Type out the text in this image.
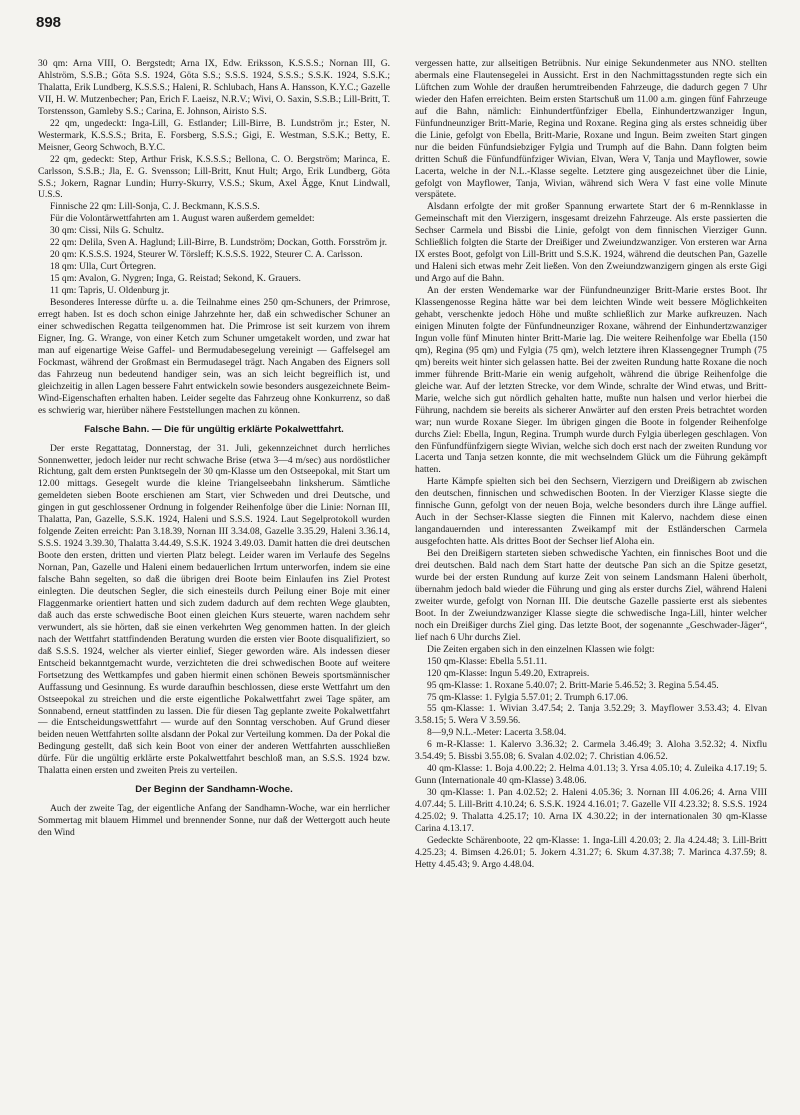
898

30 qm: Arna VIII, O. Bergstedt; Arna IX, Edw. Eriksson, K.S.S.S.; Nornan III, G. Ahlström, S.S.B.; Göta S.S. 1924, Göta S.S.; S.S.S. 1924, S.S.S.; S.S.K. 1924, S.S.K.; Thalatta, Erik Lundberg, K.S.S.S.; Haleni, R. Schlubach, Hans A. Hansson, K.Y.C.; Gazelle VII, H. W. Mutzenbecher; Pan, Erich F. Laeisz, N.R.V.; Wivi, O. Saxin, S.S.B.; Lill-Britt, T. Torstensson, Gamleby S.S.; Carina, E. Johnson, Airisto S.S.

22 qm, ungedeckt: Inga-Lill, G. Estlander; Lill-Birre, B. Lundström jr.; Ester, N. Westermark, K.S.S.S.; Brita, E. Forsberg, S.S.S.; Gigi, E. Westman, S.S.K.; Betty, E. Meisner, Georg Schwoch, B.Y.C.

22 qm, gedeckt: Step, Arthur Frisk, K.S.S.S.; Bellona, C. O. Bergström; Marinca, E. Carlsson, S.S.B.; Jla, E. G. Svensson; Lill-Britt, Knut Hult; Argo, Erik Lundberg, Göta S.S.; Jokern, Ragnar Lundin; Hurry-Skurry, V.S.S.; Skum, Axel Ägge, Knut Lindwall, U.S.S.

Finnische 22 qm: Lill-Sonja, C. J. Beckmann, K.S.S.S.

Für die Volontärwettfahrten am 1. August waren außerdem gemeldet:

30 qm: Cissi, Nils G. Schultz.

22 qm: Delila, Sven A. Haglund; Lill-Birre, B. Lundström; Dockan, Gotth. Forsström jr.

20 qm: K.S.S.S. 1924, Steurer W. Törsleff; K.S.S.S. 1922, Steurer C. A. Carlsson.

18 qm: Ulla, Curt Örtegren.

15 qm: Avalon, G. Nygren; Inga, G. Reistad; Sekond, K. Grauers.

11 qm: Tapris, U. Oldenburg jr.

Besonderes Interesse dürfte u. a. die Teilnahme eines 250 qm-Schuners, der Primrose, erregt haben. Ist es doch schon einige Jahrzehnte her, daß ein schwedischer Schuner an einer schwedischen Regatta teilgenommen hat. Die Primrose ist seit kurzem von ihrem Eigner, Ing. G. Wrange, von einer Ketch zum Schuner umgetakelt worden, und zwar hat man auf eigenartige Weise Gaffel- und Bermudabesegelung vereinigt — Gaffelsegel am Fockmast, während der Großmast ein Bermudasegel trägt. Nach Angaben des Eigners soll das Fahrzeug nun bedeutend handiger sein, was an sich leicht begreiflich ist, und gleichzeitig in allen Lagen bessere Fahrt entwickeln sowie besonders ausgezeichnete Beim-Wind-Eigenschaften erhalten haben. Leider segelte das Fahrzeug ohne Konkurrenz, so daß es schwierig war, hierüber nähere Feststellungen machen zu können.

Falsche Bahn. — Die für ungültig erklärte Pokalwettfahrt.

Der erste Regattatag, Donnerstag, der 31. Juli, gekennzeichnet durch herrliches Sonnenwetter, jedoch leider nur recht schwache Brise (etwa 3—4 m/sec) aus nordöstlicher Richtung, galt dem ersten Punktsegeln der 30 qm-Klasse um den Ostseepokal, mit Start um 12.00 mittags. Gesegelt wurde die kleine Triangelseebahn linksherum. Sämtliche gemeldeten sieben Boote erschienen am Start, vier Schweden und drei Deutsche, und gingen in gut geschlossener Ordnung in folgender Reihenfolge über die Linie: Nornan III, Thalatta, Pan, Gazelle, S.S.K. 1924, Haleni und S.S.S. 1924. Laut Segelprotokoll wurden folgende Zeiten erreicht: Pan 3.18.39, Nornan III 3.34.08, Gazelle 3.35.29, Haleni 3.36.14, S.S.S. 1924 3.39.30, Thalatta 3.44.49, S.S.K. 1924 3.49.03. Damit hatten die drei deutschen Boote den ersten, dritten und vierten Platz belegt. Leider waren im Verlaufe des Segelns Nornan, Pan, Gazelle und Haleni einem bedauerlichen Irrtum unterworfen, indem sie eine falsche Bahn segelten, so daß die übrigen drei Boote beim Einlaufen ins Ziel Protest einlegten. Die deutschen Segler, die sich einesteils durch Peilung einer Boje mit einer Flaggenmarke orientiert hatten und sich zudem dadurch auf dem rechten Wege glaubten, daß auch das erste schwedische Boot einen gleichen Kurs steuerte, waren nachdem sehr verwundert, als sie hörten, daß sie einen verkehrten Weg genommen hatten. In der gleich nach der Wettfahrt stattfindenden Beratung wurden die ersten vier Boote disqualifiziert, so daß S.S.S. 1924, welcher als vierter einlief, Sieger geworden wäre. Als indessen dieser Entscheid bekanntgemacht wurde, verzichteten die drei schwedischen Boote auf weitere Fortsetzung des Wettkampfes und gaben hiermit einen schönen Beweis sportsmännischer Auffassung und Gesinnung. Es wurde daraufhin beschlossen, diese erste Wettfahrt um den Ostseepokal zu streichen und die erste eigentliche Pokalwettfahrt zwei Tage später, am Sonnabend, erneut stattfinden zu lassen. Die für diesen Tag geplante zweite Pokalwettfahrt — die Entscheidungswettfahrt — wurde auf den Sonntag verschoben. Auf Grund dieser beiden neuen Wettfahrten sollte alsdann der Pokal zur Verteilung kommen. Da der Pokal die Bedingung gestellt, daß sich kein Boot von einer der anderen Wettfahrten ausschließen dürfe. Für die ungültig erklärte erste Pokalwettfahrt beschloß man, an S.S.S. 1924 bzw. Thalatta einen ersten und zweiten Preis zu verteilen.

Der Beginn der Sandhamn-Woche.

Auch der zweite Tag, der eigentliche Anfang der Sandhamn-Woche, war ein herrlicher Sommertag mit blauem Himmel und brennender Sonne, nur daß der Wettergott auch heute den Wind

vergessen hatte, zur allseitigen Betrübnis. Nur einige Sekundenmeter aus NNO. stellten abermals eine Flautensegelei in Aussicht. Erst in den Nachmittagsstunden regte sich ein Lüftchen zum Wohle der draußen herumtreibenden Fahrzeuge, die dadurch gegen 7 Uhr wieder den Hafen erreichten. Beim ersten Startschuß um 11.00 a.m. gingen fünf Fahrzeuge auf die Bahn, nämlich: Einhundertfünfziger Ebella, Einhundertzwanziger Ingun, Fünfundneunziger Britt-Marie, Regina und Roxane. Regina ging als erstes schneidig über die Linie, gefolgt von Ebella, Britt-Marie, Roxane und Ingun. Beim zweiten Start gingen nur die beiden Fünfundsiebziger Fylgia und Trumph auf die Bahn. Dann folgten beim dritten Schuß die Fünfundfünfziger Wivian, Elvan, Wera V, Tanja und Mayflower, sowie Lacerta, welche in der N.L.-Klasse segelte. Letztere ging ausgezeichnet über die Linie, gefolgt von Mayflower, Tanja, Wivian, während sich Wera V fast eine volle Minute verspätete.

Alsdann erfolgte der mit großer Spannung erwartete Start der 6 m-Rennklasse in Gemeinschaft mit den Vierzigern, insgesamt dreizehn Fahrzeuge. Als erste passierten die Sechser Carmela und Bissbi die Linie, gefolgt von dem finnischen Vierziger Gunn. Schließlich folgten die Starte der Dreißiger und Zweiundzwanziger. Von ersteren war Arna IX erstes Boot, gefolgt von Lill-Britt und S.S.K. 1924, während die deutschen Pan, Gazelle und Haleni sich etwas mehr Zeit ließen. Von den Zweiundzwanzigern gingen als erste Gigi und Argo auf die Bahn.

An der ersten Wendemarke war der Fünfundneunziger Britt-Marie erstes Boot. Ihr Klassengenosse Regina hätte war bei dem leichten Winde weit bessere Möglichkeiten gehabt, verschenkte jedoch Höhe und mußte schließlich zur Marke aufkreuzen. Nach einigen Minuten folgte der Fünfundneunziger Roxane, während der Einhundertzwanziger Ingun volle fünf Minuten hinter Britt-Marie lag. Die weitere Reihenfolge war Ebella (150 qm), Regina (95 qm) und Fylgia (75 qm), welch letztere ihren Klassengegner Trumph (75 qm) bereits weit hinter sich gelassen hatte. Bei der zweiten Rundung hatte Roxane die noch immer führende Britt-Marie ein wenig aufgeholt, während die übrige Reihenfolge die gleiche war. Auf der letzten Strecke, vor dem Winde, schralte der Wind etwas, und Britt-Marie, welche sich gut nördlich gehalten hatte, mußte nun halsen und verlor hierbei die Führung, nachdem sie bereits als sicherer Anwärter auf den ersten Preis betrachtet worden war; nun wurde Roxane Sieger. Im übrigen gingen die Boote in folgender Reihenfolge durchs Ziel: Ebella, Ingun, Regina. Trumph wurde durch Fylgia überlegen geschlagen. Von den Fünfundfünfzigern siegte Wivian, welche sich doch erst nach der zweiten Rundung vor Lacerta und Tanja setzen konnte, die mit wechselndem Glück um die Führung gekämpft hatten.

Harte Kämpfe spielten sich bei den Sechsern, Vierzigern und Dreißigern ab zwischen den deutschen, finnischen und schwedischen Booten. In der Vierziger Klasse siegte die finnische Gunn, gefolgt von der neuen Boja, welche besonders durch ihre Länge auffiel. Auch in der Sechser-Klasse siegten die Finnen mit Kalervo, nachdem diese einen langandauernden und interessanten Zweikampf mit der Estländerschen Carmela ausgefochten hatte. Als drittes Boot der Sechser lief Aloha ein.

Bei den Dreißigern starteten sieben schwedische Yachten, ein finnisches Boot und die drei deutschen. Bald nach dem Start hatte der deutsche Pan sich an die Spitze gesetzt, wurde bei der ersten Rundung auf kurze Zeit von seinem Landsmann Haleni überholt, übernahm jedoch bald wieder die Führung und ging als erster durchs Ziel, während Haleni zweiter wurde, gefolgt von Nornan III. Die deutsche Gazelle passierte erst als siebentes Boot. In der Zweiundzwanziger Klasse siegte die schwedische Inga-Lill, hinter welcher noch ein Dreißiger durchs Ziel ging. Das letzte Boot, der sogenannte „Geschwader-Jäger“, lief nach 6 Uhr durchs Ziel.

Die Zeiten ergaben sich in den einzelnen Klassen wie folgt:

150 qm-Klasse: Ebella 5.51.11.

120 qm-Klasse: Ingun 5.49.20, Extrapreis.

95 qm-Klasse: 1. Roxane 5.40.07; 2. Britt-Marie 5.46.52; 3. Regina 5.54.45.

75 qm-Klasse: 1. Fylgia 5.57.01; 2. Trumph 6.17.06.

55 qm-Klasse: 1. Wivian 3.47.54; 2. Tanja 3.52.29; 3. Mayflower 3.53.43; 4. Elvan 3.58.15; 5. Wera V 3.59.56.

8—9,9 N.L.-Meter: Lacerta 3.58.04.

6 m-R-Klasse: 1. Kalervo 3.36.32; 2. Carmela 3.46.49; 3. Aloha 3.52.32; 4. Nixflu 3.54.49; 5. Bissbi 3.55.08; 6. Svalan 4.02.02; 7. Christian 4.06.52.

40 qm-Klasse: 1. Boja 4.00.22; 2. Helma 4.01.13; 3. Yrsa 4.05.10; 4. Zuleika 4.17.19; 5. Gunn (Internationale 40 qm-Klasse) 3.48.06.

30 qm-Klasse: 1. Pan 4.02.52; 2. Haleni 4.05.36; 3. Nornan III 4.06.26; 4. Arna VIII 4.07.44; 5. Lill-Britt 4.10.24; 6. S.S.K. 1924 4.16.01; 7. Gazelle VII 4.23.32; 8. S.S.S. 1924 4.25.02; 9. Thalatta 4.25.17; 10. Arna IX 4.30.22; in der internationalen 30 qm-Klasse Carina 4.13.17.

Gedeckte Schärenboote, 22 qm-Klasse: 1. Inga-Lill 4.20.03; 2. Jla 4.24.48; 3. Lill-Britt 4.25.23; 4. Bimsen 4.26.01; 5. Jokern 4.31.27; 6. Skum 4.37.38; 7. Marinca 4.37.59; 8. Hetty 4.45.43; 9. Argo 4.48.04.
